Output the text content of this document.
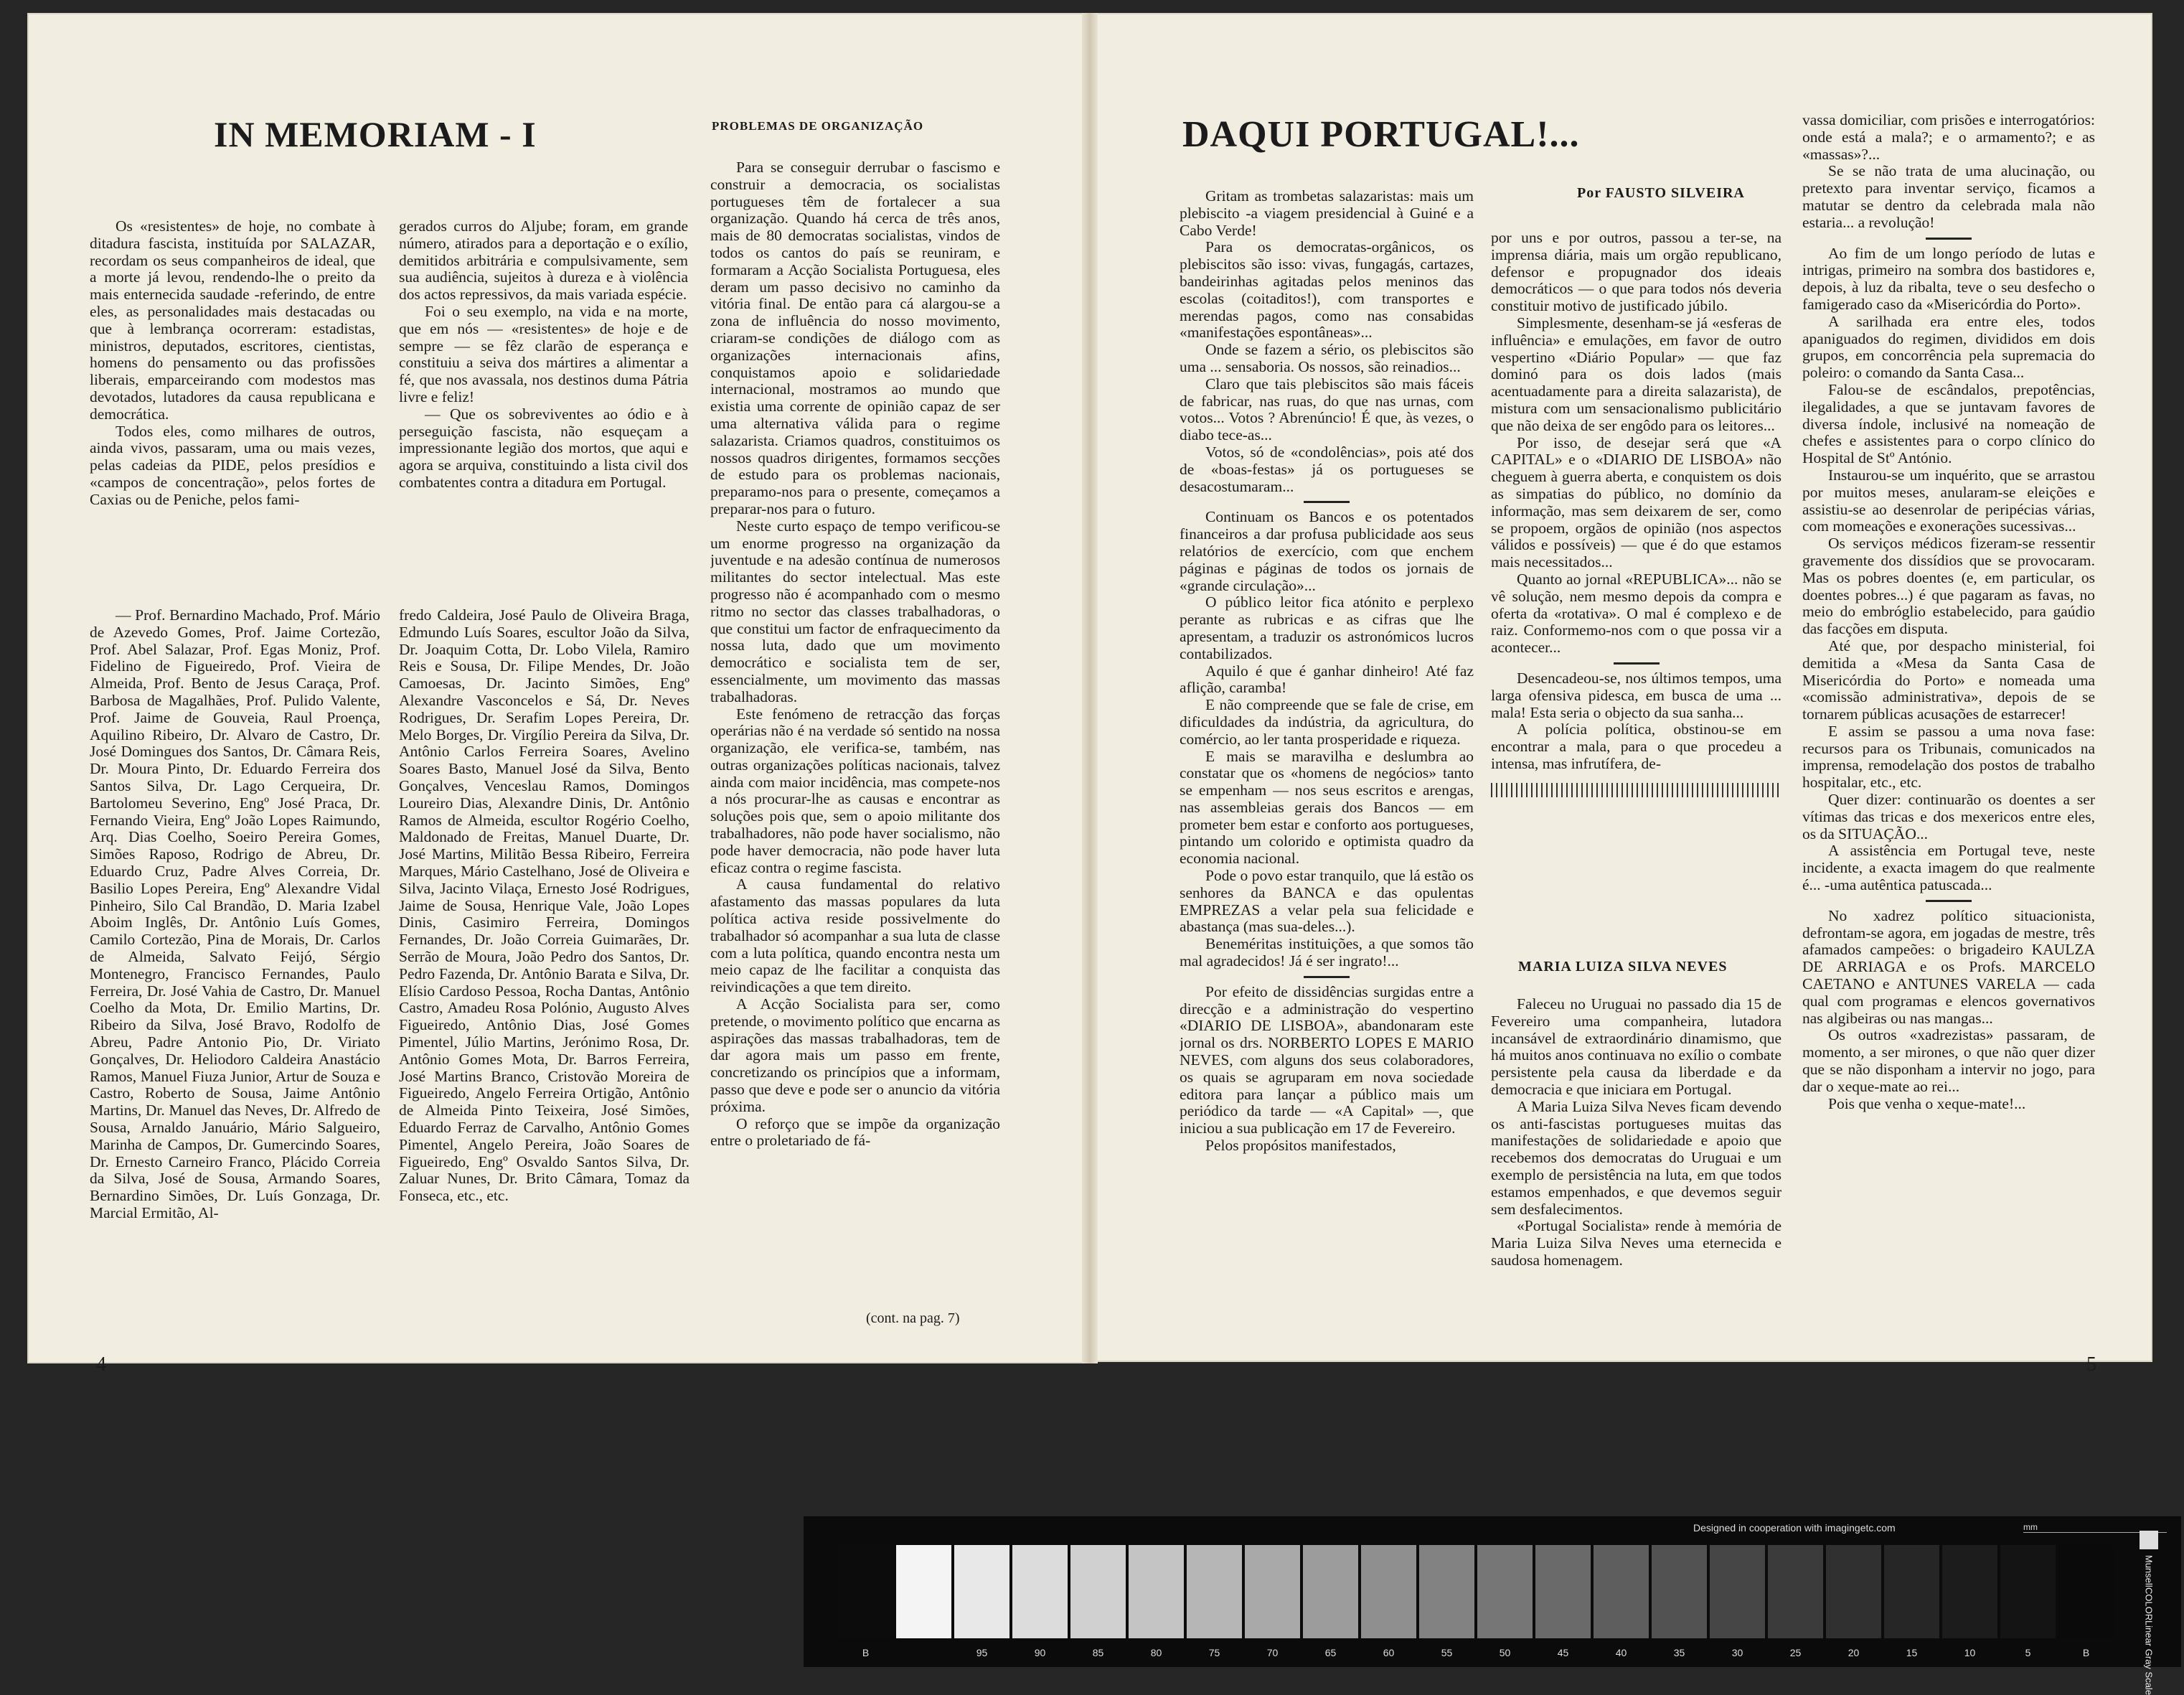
IN MEMORIAM - I

Os «resistentes» de hoje, no combate à ditadura fascista, instituída por SALAZAR, recordam os seus companheiros de ideal, que a morte já levou, rendendo-lhe o preito da mais enternecida saudade -referindo, de entre eles, as personalidades mais destacadas ou que à lembrança ocorreram: estadistas, ministros, deputados, escritores, cientistas, homens do pensamento ou das profissões liberais, emparceirando com modestos mas devotados, lutadores da causa republicana e democrática.

Todos eles, como milhares de outros, ainda vivos, passaram, uma ou mais vezes, pelas cadeias da PIDE, pelos presídios e «campos de concentração», pelos fortes de Caxias ou de Peniche, pelos fami-

gerados curros do Aljube; foram, em grande número, atirados para a deportação e o exílio, demitidos arbitrária e compulsivamente, sem sua audiência, sujeitos à dureza e à violência dos actos repressivos, da mais variada espécie.

Foi o seu exemplo, na vida e na morte, que em nós — «resistentes» de hoje e de sempre — se fêz clarão de esperança e constituiu a seiva dos mártires a alimentar a fé, que nos avassala, nos destinos duma Pátria livre e feliz!

— Que os sobreviventes ao ódio e à perseguição fascista, não esqueçam a impressionante legião dos mortos, que aqui e agora se arquiva, constituindo a lista civil dos combatentes contra a ditadura em Portugal.

— Prof. Bernardino Machado, Prof. Mário de Azevedo Gomes, Prof. Jaime Cortezão, Prof. Abel Salazar, Prof. Egas Moniz, Prof. Fidelino de Figueiredo, Prof. Vieira de Almeida, Prof. Bento de Jesus Caraça, Prof. Barbosa de Magalhães, Prof. Pulido Valente, Prof. Jaime de Gouveia, Raul Proença, Aquilino Ribeiro, Dr. Alvaro de Castro, Dr. José Domingues dos Santos, Dr. Câmara Reis, Dr. Moura Pinto, Dr. Eduardo Ferreira dos Santos Silva, Dr. Lago Cerqueira, Dr. Bartolomeu Severino, Engº José Praca, Dr. Fernando Vieira, Engº João Lopes Raimundo, Arq. Dias Coelho, Soeiro Pereira Gomes, Simões Raposo, Rodrigo de Abreu, Dr. Eduardo Cruz, Padre Alves Correia, Dr. Basilio Lopes Pereira, Engº Alexandre Vidal Pinheiro, Silo Cal Brandão, D. Maria Izabel Aboim Inglês, Dr. Antônio Luís Gomes, Camilo Cortezão, Pina de Morais, Dr. Carlos de Almeida, Salvato Feijó, Sérgio Montenegro, Francisco Fernandes, Paulo Ferreira, Dr. José Vahia de Castro, Dr. Manuel Coelho da Mota, Dr. Emilio Martins, Dr. Ribeiro da Silva, José Bravo, Rodolfo de Abreu, Padre Antonio Pio, Dr. Viriato Gonçalves, Dr. Heliodoro Caldeira Anastácio Ramos, Manuel Fiuza Junior, Artur de Souza e Castro, Roberto de Sousa, Jaime Antônio Martins, Dr. Manuel das Neves, Dr. Alfredo de Sousa, Arnaldo Januário, Mário Salgueiro, Marinha de Campos, Dr. Gumercindo Soares, Dr. Ernesto Carneiro Franco, Plácido Correia da Silva, José de Sousa, Armando Soares, Bernardino Simões, Dr. Luís Gonzaga, Dr. Marcial Ermitão, Al-

fredo Caldeira, José Paulo de Oliveira Braga, Edmundo Luís Soares, escultor João da Silva, Dr. Joaquim Cotta, Dr. Lobo Vilela, Ramiro Reis e Sousa, Dr. Filipe Mendes, Dr. João Camoesas, Dr. Jacinto Simões, Engº Alexandre Vasconcelos e Sá, Dr. Neves Rodrigues, Dr. Serafim Lopes Pereira, Dr. Melo Borges, Dr. Virgílio Pereira da Silva, Dr. Antônio Carlos Ferreira Soares, Avelino Soares Basto, Manuel José da Silva, Bento Gonçalves, Venceslau Ramos, Domingos Loureiro Dias, Alexandre Dinis, Dr. Antônio Ramos de Almeida, escultor Rogério Coelho, Maldonado de Freitas, Manuel Duarte, Dr. José Martins, Militão Bessa Ribeiro, Ferreira Marques, Mário Castelhano, José de Oliveira e Silva, Jacinto Vilaça, Ernesto José Rodrigues, Jaime de Sousa, Henrique Vale, João Lopes Dinis, Casimiro Ferreira, Domingos Fernandes, Dr. João Correia Guimarães, Dr. Serrão de Moura, João Pedro dos Santos, Dr. Pedro Fazenda, Dr. Antônio Barata e Silva, Dr. Elísio Cardoso Pessoa, Rocha Dantas, Antônio Castro, Amadeu Rosa Polónio, Augusto Alves Figueiredo, Antônio Dias, José Gomes Pimentel, Júlio Martins, Jerónimo Rosa, Dr. Antônio Gomes Mota, Dr. Barros Ferreira, José Martins Branco, Cristovão Moreira de Figueiredo, Angelo Ferreira Ortigão, Antônio de Almeida Pinto Teixeira, José Simões, Eduardo Ferraz de Carvalho, Antônio Gomes Pimentel, Angelo Pereira, João Soares de Figueiredo, Engº Osvaldo Santos Silva, Dr. Zaluar Nunes, Dr. Brito Câmara, Tomaz da Fonseca, etc., etc.

PROBLEMAS DE ORGANIZAÇÃO

Para se conseguir derrubar o fascismo e construir a democracia, os socialistas portugueses têm de fortalecer a sua organização. Quando há cerca de três anos, mais de 80 democratas socialistas, vindos de todos os cantos do país se reuniram, e formaram a Acção Socialista Portuguesa, eles deram um passo decisivo no caminho da vitória final. De então para cá alargou-se a zona de influência do nosso movimento, criaram-se condições de diálogo com as organizações internacionais afins, conquistamos apoio e solidariedade internacional, mostramos ao mundo que existia uma corrente de opinião capaz de ser uma alternativa válida para o regime salazarista. Criamos quadros, constituimos os nossos quadros dirigentes, formamos secções de estudo para os problemas nacionais, preparamo-nos para o presente, começamos a preparar-nos para o futuro.

Neste curto espaço de tempo verificou-se um enorme progresso na organização da juventude e na adesão contínua de numerosos militantes do sector intelectual. Mas este progresso não é acompanhado com o mesmo ritmo no sector das classes trabalhadoras, o que constitui um factor de enfraquecimento da nossa luta, dado que um movimento democrático e socialista tem de ser, essencialmente, um movimento das massas trabalhadoras.

Este fenómeno de retracção das forças operárias não é na verdade só sentido na nossa organização, ele verifica-se, também, nas outras organizações políticas nacionais, talvez ainda com maior incidência, mas compete-nos a nós procurar-lhe as causas e encontrar as soluções pois que, sem o apoio militante dos trabalhadores, não pode haver socialismo, não pode haver democracia, não pode haver luta eficaz contra o regime fascista.

A causa fundamental do relativo afastamento das massas populares da luta política activa reside possivelmente do trabalhador só acompanhar a sua luta de classe com a luta política, quando encontra nesta um meio capaz de lhe facilitar a conquista das reivindicações a que tem direito.

A Acção Socialista para ser, como pretende, o movimento político que encarna as aspirações das massas trabalhadoras, tem de dar agora mais um passo em frente, concretizando os princípios que a informam, passo que deve e pode ser o anuncio da vitória próxima.

O reforço que se impõe da organização entre o proletariado de fá-

(cont. na pag. 7)
4
DAQUI PORTUGAL!...
Por FAUSTO SILVEIRA

Gritam as trombetas salazaristas: mais um plebiscito -a viagem presidencial à Guiné e a Cabo Verde!

Para os democratas-orgânicos, os plebiscitos são isso: vivas, fungagás, cartazes, bandeirinhas agitadas pelos meninos das escolas (coitaditos!), com transportes e merendas pagos, como nas consabidas «manifestações espontâneas»...

Onde se fazem a sério, os plebiscitos são uma ... sensaboria. Os nossos, são reinadios...

Claro que tais plebiscitos são mais fáceis de fabricar, nas ruas, do que nas urnas, com votos... Votos ? Abrenúncio! É que, às vezes, o diabo tece-as...

Votos, só de «condolências», pois até dos de «boas-festas» já os portugueses se desacostumaram...

Continuam os Bancos e os potentados financeiros a dar profusa publicidade aos seus relatórios de exercício, com que enchem páginas e páginas de todos os jornais de «grande circulação»...

O público leitor fica atónito e perplexo perante as rubricas e as cifras que lhe apresentam, a traduzir os astronómicos lucros contabilizados.

Aquilo é que é ganhar dinheiro! Até faz aflição, caramba!

E não compreende que se fale de crise, em dificuldades da indústria, da agricultura, do comércio, ao ler tanta prosperidade e riqueza.

E mais se maravilha e deslumbra ao constatar que os «homens de negócios» tanto se empenham — nos seus escritos e arengas, nas assembleias gerais dos Bancos — em prometer bem estar e conforto aos portugueses, pintando um colorido e optimista quadro da economia nacional.

Pode o povo estar tranquilo, que lá estão os senhores da BANCA e das opulentas EMPREZAS a velar pela sua felicidade e abastança (mas sua-deles...).

Beneméritas instituições, a que somos tão mal agradecidos! Já é ser ingrato!...

Por efeito de dissidências surgidas entre a direcção e a administração do vespertino «DIARIO DE LISBOA», abandonaram este jornal os drs. NORBERTO LOPES E MARIO NEVES, com alguns dos seus colaboradores, os quais se agruparam em nova sociedade editora para lançar a público mais um periódico da tarde — «A Capital» —, que iniciou a sua publicação em 17 de Fevereiro.

Pelos propósitos manifestados,

por uns e por outros, passou a ter-se, na imprensa diária, mais um orgão republicano, defensor e propugnador dos ideais democráticos — o que para todos nós deveria constituir motivo de justificado júbilo.

Simplesmente, desenham-se já «esferas de influência» e emulações, em favor de outro vespertino «Diário Popular» — que faz dominó para os dois lados (mais acentuadamente para a direita salazarista), de mistura com um sensacionalismo publicitário que não deixa de ser engôdo para os leitores...

Por isso, de desejar será que «A CAPITAL» e o «DIARIO DE LISBOA» não cheguem à guerra aberta, e conquistem os dois as simpatias do público, no domínio da informação, mas sem deixarem de ser, como se propoem, orgãos de opinião (nos aspectos válidos e possíveis) — que é do que estamos mais necessitados...

Quanto ao jornal «REPUBLICA»... não se vê solução, nem mesmo depois da compra e oferta da «rotativa». O mal é complexo e de raiz. Conformemo-nos com o que possa vir a acontecer...

Desencadeou-se, nos últimos tempos, uma larga ofensiva pidesca, em busca de uma ... mala! Esta seria o objecto da sua sanha...

A polícia política, obstinou-se em encontrar a mala, para o que procedeu a intensa, mas infrutífera, de-

MARIA LUIZA SILVA NEVES

Faleceu no Uruguai no passado dia 15 de Fevereiro uma companheira, lutadora incansável de extraordinário dinamismo, que há muitos anos continuava no exílio o combate persistente pela causa da liberdade e da democracia e que iniciara em Portugal.

A Maria Luiza Silva Neves ficam devendo os anti-fascistas portugueses muitas das manifestações de solidariedade e apoio que recebemos dos democratas do Uruguai e um exemplo de persistência na luta, em que todos estamos empenhados, e que devemos seguir sem desfalecimentos.

«Portugal Socialista» rende à memória de Maria Luiza Silva Neves uma eternecida e saudosa homenagem.

vassa domiciliar, com prisões e interrogatórios: onde está a mala?; e o armamento?; e as «massas»?...

Se se não trata de uma alucinação, ou pretexto para inventar serviço, ficamos a matutar se dentro da celebrada mala não estaria... a revolução!

Ao fim de um longo período de lutas e intrigas, primeiro na sombra dos bastidores e, depois, à luz da ribalta, teve o seu desfecho o famigerado caso da «Misericórdia do Porto».

A sarilhada era entre eles, todos apaniguados do regimen, divididos em dois grupos, em concorrência pela supremacia do poleiro: o comando da Santa Casa...

Falou-se de escândalos, prepotências, ilegalidades, a que se juntavam favores de diversa índole, inclusivé na nomeação de chefes e assistentes para o corpo clínico do Hospital de Stº António.

Instaurou-se um inquérito, que se arrastou por muitos meses, anularam-se eleições e assistiu-se ao desenrolar de peripécias várias, com momeações e exonerações sucessivas...

Os serviços médicos fizeram-se ressentir gravemente dos dissídios que se provocaram. Mas os pobres doentes (e, em particular, os doentes pobres...) é que pagaram as favas, no meio do embróglio estabelecido, para gaúdio das facções em disputa.

Até que, por despacho ministerial, foi demitida a «Mesa da Santa Casa de Misericórdia do Porto» e nomeada uma «comissão administrativa», depois de se tornarem públicas acusações de estarrecer!

E assim se passou a uma nova fase: recursos para os Tribunais, comunicados na imprensa, remodelação dos postos de trabalho hospitalar, etc., etc.

Quer dizer: continuarão os doentes a ser vítimas das tricas e dos mexericos entre eles, os da SITUAÇÃO...

A assistência em Portugal teve, neste incidente, a exacta imagem do que realmente é... -uma autêntica patuscada...

No xadrez político situacionista, defrontam-se agora, em jogadas de mestre, três afamados campeões: o brigadeiro KAULZA DE ARRIAGA e os Profs. MARCELO CAETANO e ANTUNES VARELA — cada qual com programas e elencos governativos nas algibeiras ou nas mangas...

Os outros «xadrezistas» passaram, de momento, a ser mirones, o que não quer dizer que se não disponham a intervir no jogo, para dar o xeque-mate ao rei...

Pois que venha o xeque-mate!...

5
Designed in cooperation with imagingetc.com	mm
B	95	90	85	80	75	70	65	60	55	50	45	40	35	30	25	20	15	10	5	B
Munsell
COLOR
Linear Gray Scale
